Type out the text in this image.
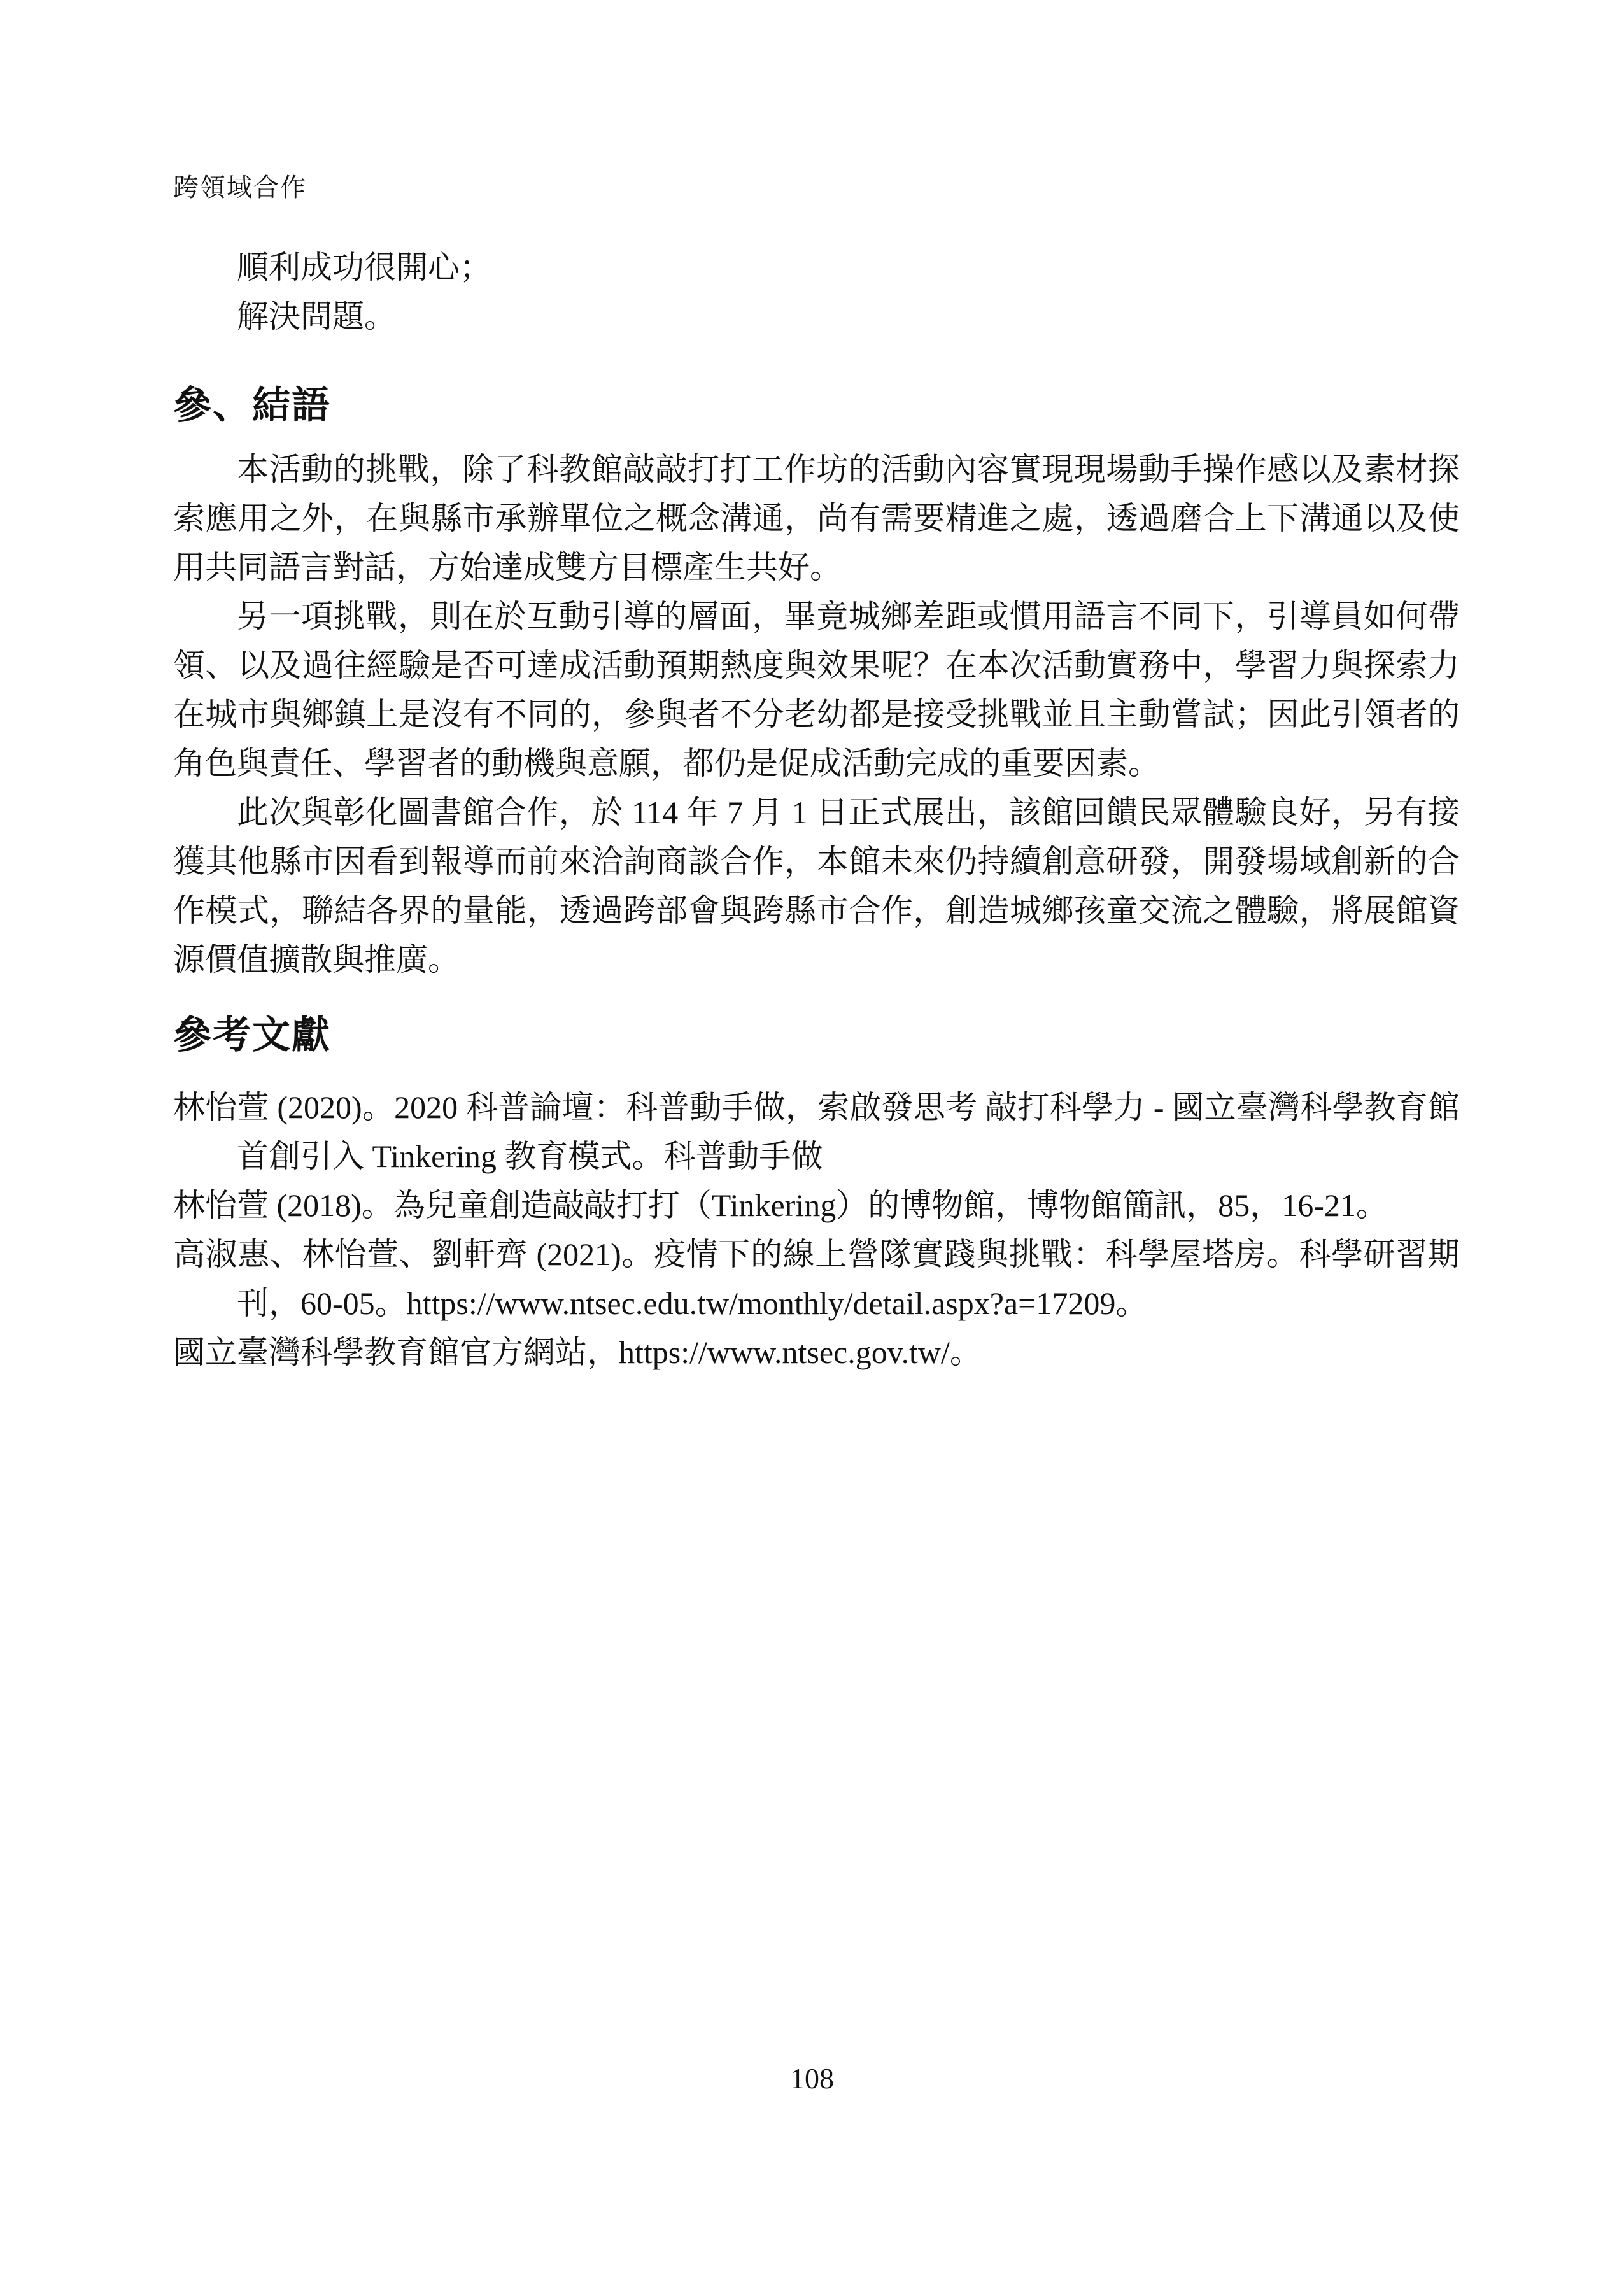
跨領域合作
順利成功很開心；
解決問題。
參、結語

本活動的挑戰，除了科教館敲敲打打工作坊的活動內容實現現場動手操作感以及素材探索應用之外，在與縣市承辦單位之概念溝通，尚有需要精進之處，透過磨合上下溝通以及使用共同語言對話，方始達成雙方目標產生共好。

另一項挑戰，則在於互動引導的層面，畢竟城鄉差距或慣用語言不同下，引導員如何帶領、以及過往經驗是否可達成活動預期熱度與效果呢？在本次活動實務中，學習力與探索力在城市與鄉鎮上是沒有不同的，參與者不分老幼都是接受挑戰並且主動嘗試；因此引領者的角色與責任、學習者的動機與意願，都仍是促成活動完成的重要因素。

此次與彰化圖書館合作，於 114 年 7 月 1 日正式展出，該館回饋民眾體驗良好，另有接獲其他縣市因看到報導而前來洽詢商談合作，本館未來仍持續創意研發，開發場域創新的合作模式，聯結各界的量能，透過跨部會與跨縣市合作，創造城鄉孩童交流之體驗，將展館資源價值擴散與推廣。

參考文獻

林怡萱 (2020)。2020 科普論壇：科普動手做，索啟發思考 敲打科學力 - 國立臺灣科學教育館首創引入 Tinkering 教育模式。科普動手做

林怡萱 (2018)。為兒童創造敲敲打打（Tinkering）的博物館，博物館簡訊，85，16-21。

高淑惠、林怡萱、劉軒齊 (2021)。疫情下的線上營隊實踐與挑戰：科學屋塔房。科學研習期刊，60-05。https://www.ntsec.edu.tw/monthly/detail.aspx?a=17209。

國立臺灣科學教育館官方網站，https://www.ntsec.gov.tw/。

108
